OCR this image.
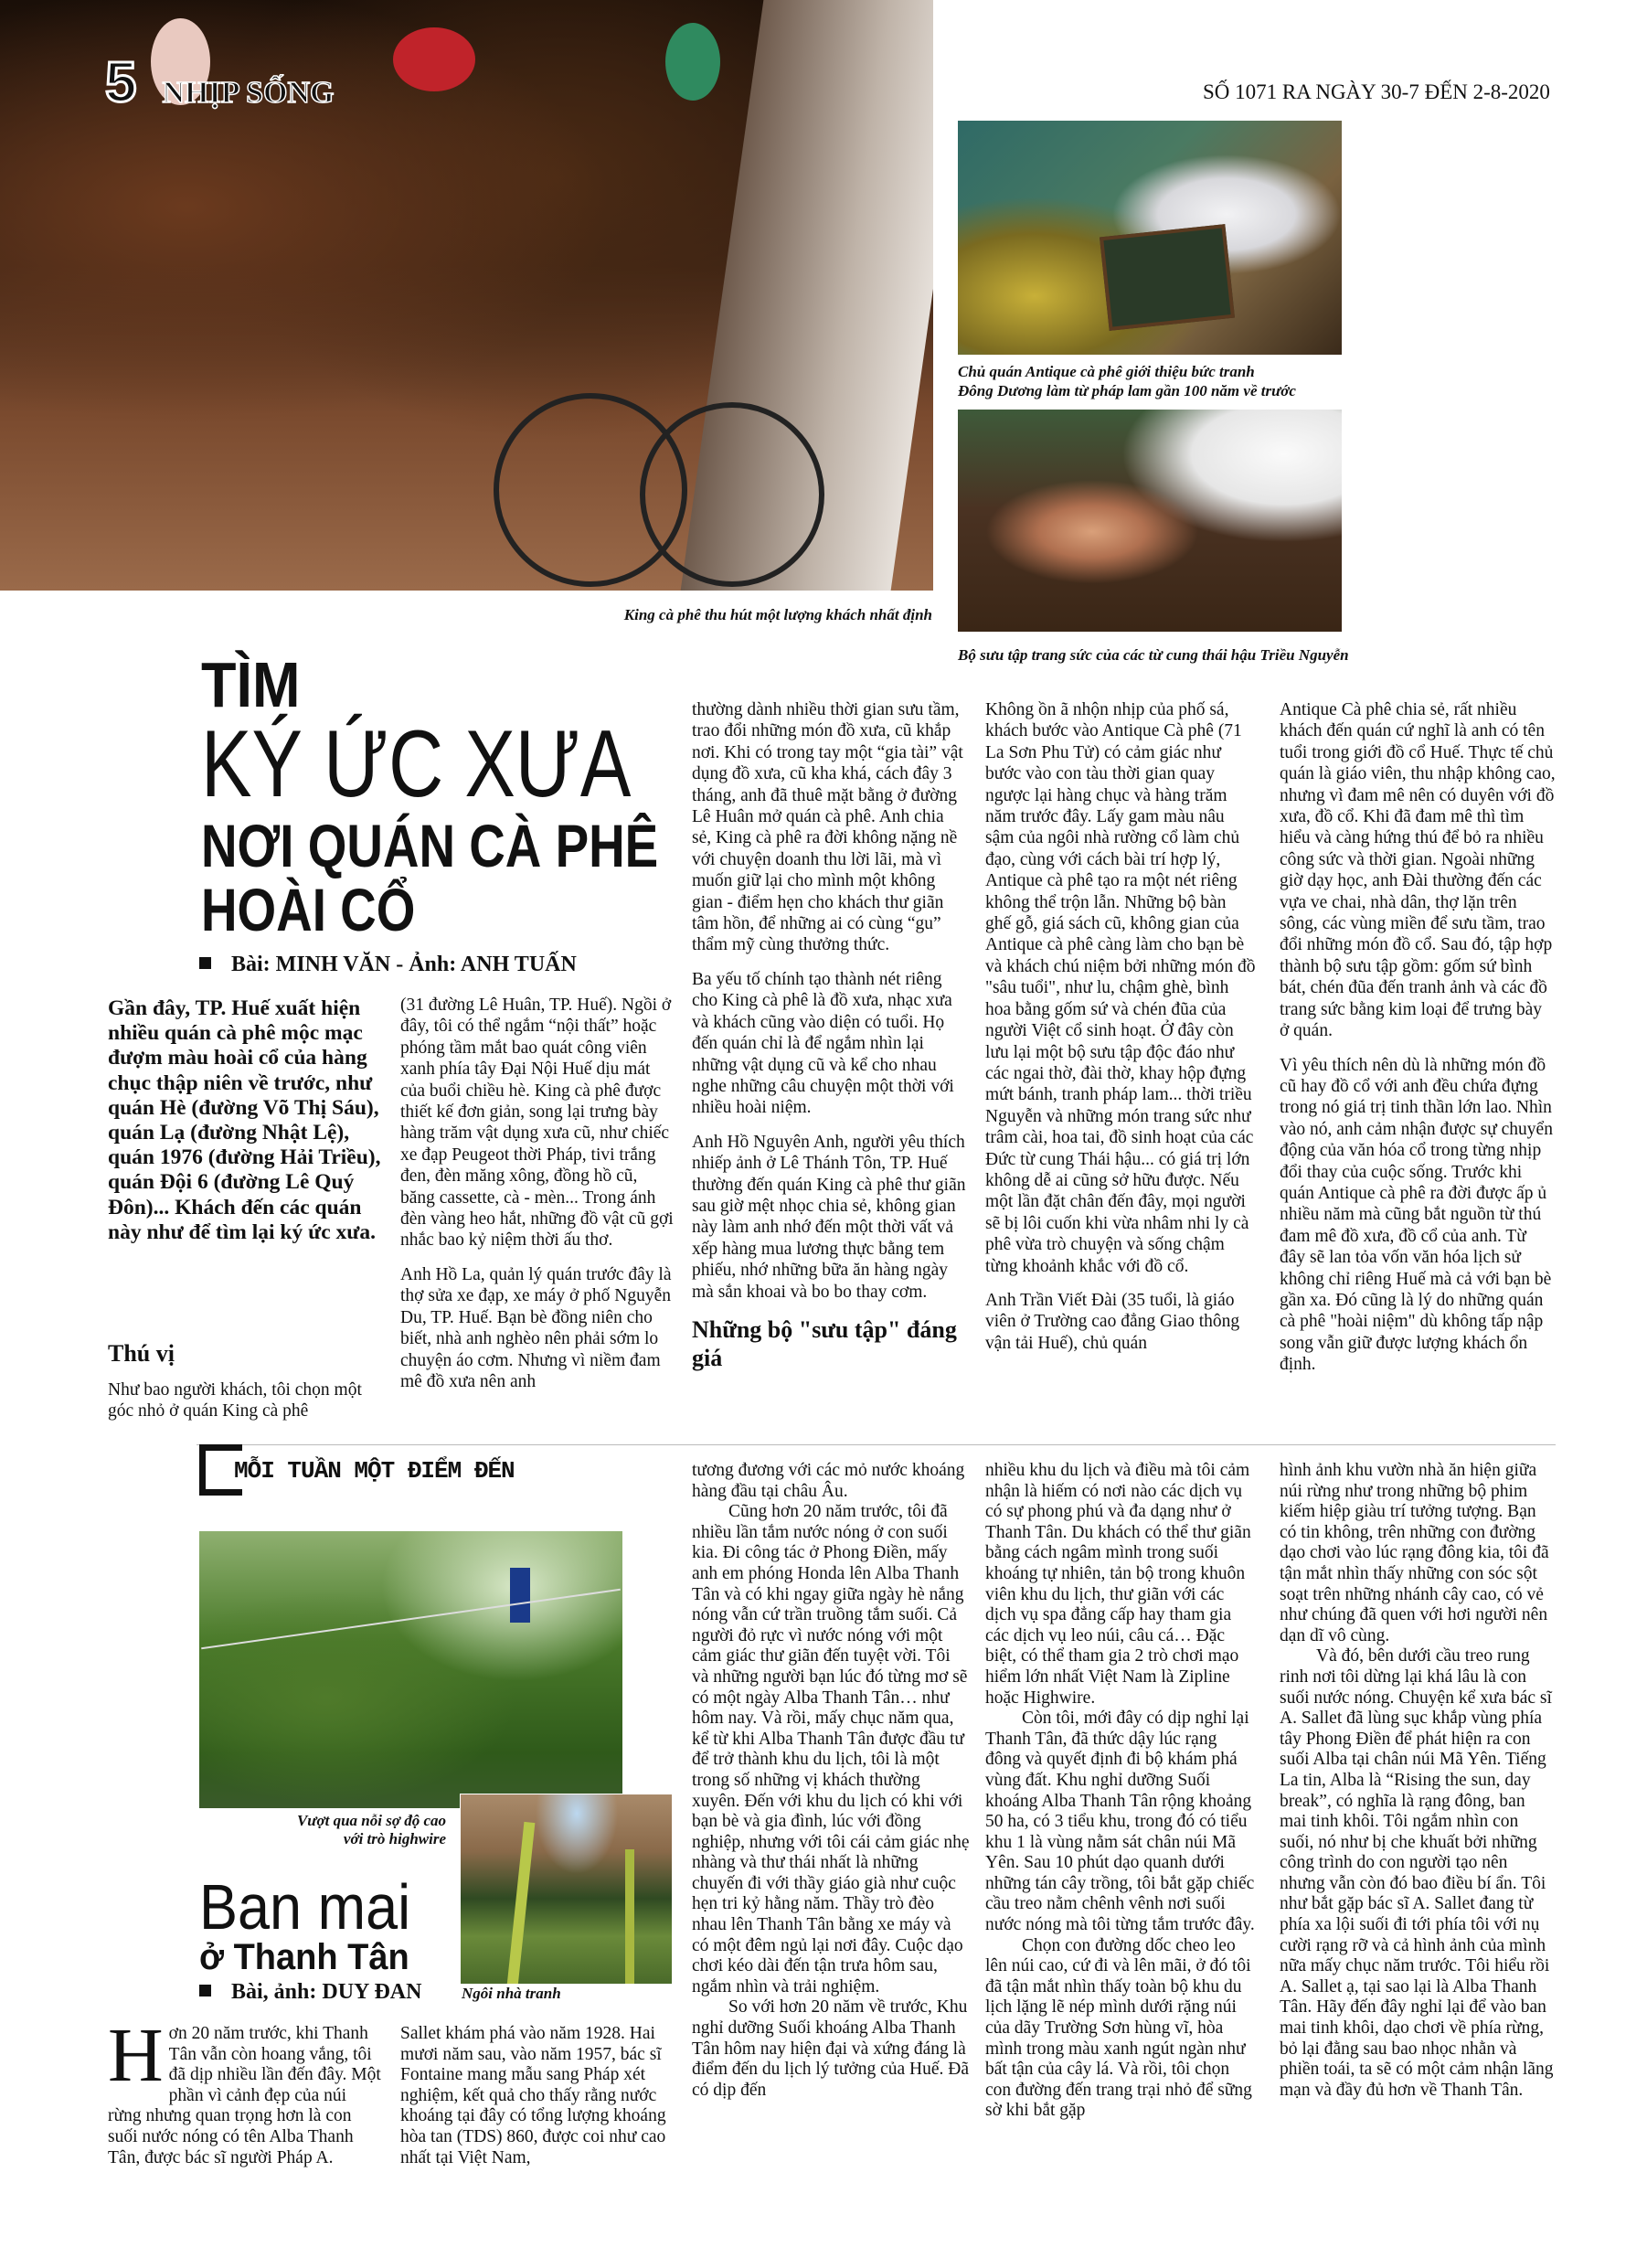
5 NHỊP SỐNG	SỐ 1071 RA NGÀY 30-7 ĐẾN 2-8-2020
Chủ quán Antique cà phê giới thiệu bức tranh
Đông Dương làm từ pháp lam gần 100 năm về trước
Bộ sưu tập trang sức của các từ cung thái hậu Triều Nguyễn
King cà phê thu hút một lượng khách nhất định
TÌM
KÝ ỨC XƯA
NƠI QUÁN CÀ PHÊ
HOÀI CỔ
Bài: MINH VĂN - Ảnh: ANH TUẤN
Gần đây, TP. Huế xuất hiện nhiều quán cà phê mộc mạc đượm màu hoài cổ của hàng chục thập niên về trước, như quán Hè (đường Võ Thị Sáu), quán Lạ (đường Nhật Lệ), quán 1976 (đường Hải Triều), quán Đội 6 (đường Lê Quý Đôn)... Khách đến các quán này như để tìm lại ký ức xưa.
Thú vị

Như bao người khách, tôi chọn một góc nhỏ ở quán King cà phê

(31 đường Lê Huân, TP. Huế). Ngồi ở đây, tôi có thể ngắm “nội thất” hoặc phóng tầm mắt bao quát công viên xanh phía tây Đại Nội Huế dịu mát của buổi chiều hè. King cà phê được thiết kế đơn giản, song lại trưng bày hàng trăm vật dụng xưa cũ, như chiếc xe đạp Peugeot thời Pháp, tivi trắng đen, đèn măng xông, đồng hồ cũ, băng cassette, cà - mèn... Trong ánh đèn vàng heo hắt, những đồ vật cũ gợi nhắc bao kỷ niệm thời ấu thơ.

Anh Hồ La, quản lý quán trước đây là thợ sửa xe đạp, xe máy ở phố Nguyễn Du, TP. Huế. Bạn bè đồng niên cho biết, nhà anh nghèo nên phải sớm lo chuyện áo cơm. Nhưng vì niềm đam mê đồ xưa nên anh

thường dành nhiều thời gian sưu tầm, trao đổi những món đồ xưa, cũ khắp nơi. Khi có trong tay một “gia tài” vật dụng đồ xưa, cũ kha khá, cách đây 3 tháng, anh đã thuê mặt bằng ở đường Lê Huân mở quán cà phê. Anh chia sẻ, King cà phê ra đời không nặng nề với chuyện doanh thu lời lãi, mà vì muốn giữ lại cho mình một không gian - điểm hẹn cho khách thư giãn tâm hồn, để những ai có cùng “gu” thẩm mỹ cùng thưởng thức.

Ba yếu tố chính tạo thành nét riêng cho King cà phê là đồ xưa, nhạc xưa và khách cũng vào diện có tuổi. Họ đến quán chỉ là để ngắm nhìn lại những vật dụng cũ và kể cho nhau nghe những câu chuyện một thời với nhiều hoài niệm.

Anh Hồ Nguyên Anh, người yêu thích nhiếp ảnh ở Lê Thánh Tôn, TP. Huế thường đến quán King cà phê thư giãn sau giờ mệt nhọc chia sẻ, không gian này làm anh nhớ đến một thời vất vả xếp hàng mua lương thực bằng tem phiếu, nhớ những bữa ăn hàng ngày mà sắn khoai và bo bo thay cơm.

Những bộ "sưu tập" đáng giá

Không ồn ã nhộn nhịp của phố sá, khách bước vào Antique Cà phê (71 La Sơn Phu Tử) có cảm giác như bước vào con tàu thời gian quay ngược lại hàng chục và hàng trăm năm trước đây. Lấy gam màu nâu sậm của ngôi nhà rường cổ làm chủ đạo, cùng với cách bài trí hợp lý, Antique cà phê tạo ra một nét riêng không thể trộn lẫn. Những bộ bàn ghế gỗ, giá sách cũ, không gian của Antique cà phê càng làm cho bạn bè và khách chú niệm bởi những món đồ "sâu tuổi", như lu, chậm ghè, bình hoa bằng gốm sứ và chén đũa của người Việt cổ sinh hoạt. Ở đây còn lưu lại một bộ sưu tập độc đáo như các ngai thờ, đài thờ, khay hộp đựng mứt bánh, tranh pháp lam... thời triều Nguyễn và những món trang sức như trâm cài, hoa tai, đồ sinh hoạt của các Đức từ cung Thái hậu... có giá trị lớn không dễ ai cũng sở hữu được. Nếu một lần đặt chân đến đây, mọi người sẽ bị lôi cuốn khi vừa nhâm nhi ly cà phê vừa trò chuyện và sống chậm từng khoảnh khắc với đồ cổ.

Anh Trần Viết Đài (35 tuổi, là giáo viên ở Trường cao đẳng Giao thông vận tải Huế), chủ quán

Antique Cà phê chia sẻ, rất nhiều khách đến quán cứ nghĩ là anh có tên tuổi trong giới đồ cổ Huế. Thực tế chủ quán là giáo viên, thu nhập không cao, nhưng vì đam mê nên có duyên với đồ xưa, đồ cổ. Khi đã đam mê thì tìm hiểu và càng hứng thú để bỏ ra nhiều công sức và thời gian. Ngoài những giờ dạy học, anh Đài thường đến các vựa ve chai, nhà dân, thợ lặn trên sông, các vùng miền để sưu tầm, trao đổi những món đồ cổ. Sau đó, tập hợp thành bộ sưu tập gồm: gốm sứ bình bát, chén đũa đến tranh ảnh và các đồ trang sức bằng kim loại để trưng bày ở quán.

Vì yêu thích nên dù là những món đồ cũ hay đồ cổ với anh đều chứa đựng trong nó giá trị tinh thần lớn lao. Nhìn vào nó, anh cảm nhận được sự chuyển động của văn hóa cổ trong từng nhịp đổi thay của cuộc sống. Trước khi quán Antique cà phê ra đời được ấp ủ nhiều năm mà cũng bắt nguồn từ thú đam mê đồ xưa, đồ cổ của anh. Từ đây sẽ lan tỏa vốn văn hóa lịch sử không chỉ riêng Huế mà cả với bạn bè gần xa. Đó cũng là lý do những quán cà phê "hoài niệm" dù không tấp nập song vẫn giữ được lượng khách ổn định.

MỖI TUẦN MỘT ĐIỂM ĐẾN
Vượt qua nỗi sợ độ cao
với trò highwire
Ngôi nhà tranh
Ban mai
ở Thanh Tân
Bài, ảnh: DUY ĐAN
H ơn 20 năm trước, khi Thanh Tân vẫn còn hoang vắng, tôi đã dịp nhiều lần đến đây. Một phần vì cảnh đẹp của núi rừng nhưng quan trọng hơn là con suối nước nóng có tên Alba Thanh Tân, được bác sĩ người Pháp A.

Sallet khám phá vào năm 1928. Hai mươi năm sau, vào năm 1957, bác sĩ Fontaine mang mẫu sang Pháp xét nghiệm, kết quả cho thấy rằng nước khoáng tại đây có tổng lượng khoáng hòa tan (TDS) 860, được coi như cao nhất tại Việt Nam,

tương đương với các mỏ nước khoáng hàng đầu tại châu Âu.

Cũng hơn 20 năm trước, tôi đã nhiều lần tắm nước nóng ở con suối kia. Đi công tác ở Phong Điền, mấy anh em phóng Honda lên Alba Thanh Tân và có khi ngay giữa ngày hè nắng nóng vẫn cứ trần truồng tắm suối. Cả người đỏ rực vì nước nóng với một cảm giác thư giãn đến tuyệt vời. Tôi và những người bạn lúc đó từng mơ sẽ có một ngày Alba Thanh Tân… như hôm nay. Và rồi, mấy chục năm qua, kể từ khi Alba Thanh Tân được đầu tư để trở thành khu du lịch, tôi là một trong số những vị khách thường xuyên. Đến với khu du lịch có khi với bạn bè và gia đình, lúc với đồng nghiệp, nhưng với tôi cái cảm giác nhẹ nhàng và thư thái nhất là những chuyến đi với thầy giáo già như cuộc hẹn tri kỷ hằng năm. Thầy trò đèo nhau lên Thanh Tân bằng xe máy và có một đêm ngủ lại nơi đây. Cuộc dạo chơi kéo dài đến tận trưa hôm sau, ngắm nhìn và trải nghiệm.

So với hơn 20 năm về trước, Khu nghỉ dưỡng Suối khoáng Alba Thanh Tân hôm nay hiện đại và xứng đáng là điểm đến du lịch lý tưởng của Huế. Đã có dịp đến

nhiều khu du lịch và điều mà tôi cảm nhận là hiếm có nơi nào các dịch vụ có sự phong phú và đa dạng như ở Thanh Tân. Du khách có thể thư giãn bằng cách ngâm mình trong suối khoáng tự nhiên, tản bộ trong khuôn viên khu du lịch, thư giãn với các dịch vụ spa đẳng cấp hay tham gia các dịch vụ leo núi, câu cá… Đặc biệt, có thể tham gia 2 trò chơi mạo hiểm lớn nhất Việt Nam là Zipline hoặc Highwire.

Còn tôi, mới đây có dịp nghỉ lại Thanh Tân, đã thức dậy lúc rạng đông và quyết định đi bộ khám phá vùng đất. Khu nghỉ dưỡng Suối khoáng Alba Thanh Tân rộng khoảng 50 ha, có 3 tiểu khu, trong đó có tiểu khu 1 là vùng nằm sát chân núi Mã Yên. Sau 10 phút dạo quanh dưới những tán cây trồng, tôi bắt gặp chiếc cầu treo nằm chênh vênh nơi suối nước nóng mà tôi từng tắm trước đây.

Chọn con đường dốc cheo leo lên núi cao, cứ đi và lên mãi, ở đó tôi đã tận mắt nhìn thấy toàn bộ khu du lịch lặng lẽ nép mình dưới rặng núi của dãy Trường Sơn hùng vĩ, hòa mình trong màu xanh ngút ngàn như bất tận của cây lá. Và rồi, tôi chọn con đường đến trang trại nhỏ để sững sờ khi bắt gặp

hình ảnh khu vườn nhà ăn hiện giữa núi rừng như trong những bộ phim kiếm hiệp giàu trí tưởng tượng. Bạn có tin không, trên những con đường dạo chơi vào lúc rạng đông kia, tôi đã tận mắt nhìn thấy những con sóc sột soạt trên những nhánh cây cao, có vẻ như chúng đã quen với hơi người nên dạn dĩ vô cùng.

Và đó, bên dưới cầu treo rung rinh nơi tôi dừng lại khá lâu là con suối nước nóng. Chuyện kể xưa bác sĩ A. Sallet đã lùng sục khắp vùng phía tây Phong Điền để phát hiện ra con suối Alba tại chân núi Mã Yên. Tiếng La tin, Alba là “Rising the sun, day break”, có nghĩa là rạng đông, ban mai tinh khôi. Tôi ngắm nhìn con suối, nó như bị che khuất bởi những công trình do con người tạo nên nhưng vẫn còn đó bao điều bí ẩn. Tôi như bắt gặp bác sĩ A. Sallet đang từ phía xa lội suối đi tới phía tôi với nụ cười rạng rỡ và cả hình ảnh của mình nữa mấy chục năm trước. Tôi hiểu rồi A. Sallet ạ, tại sao lại là Alba Thanh Tân. Hãy đến đây nghỉ lại để vào ban mai tinh khôi, dạo chơi về phía rừng, bỏ lại đằng sau bao nhọc nhằn và phiền toái, ta sẽ có một cảm nhận lãng mạn và đầy đủ hơn về Thanh Tân.
